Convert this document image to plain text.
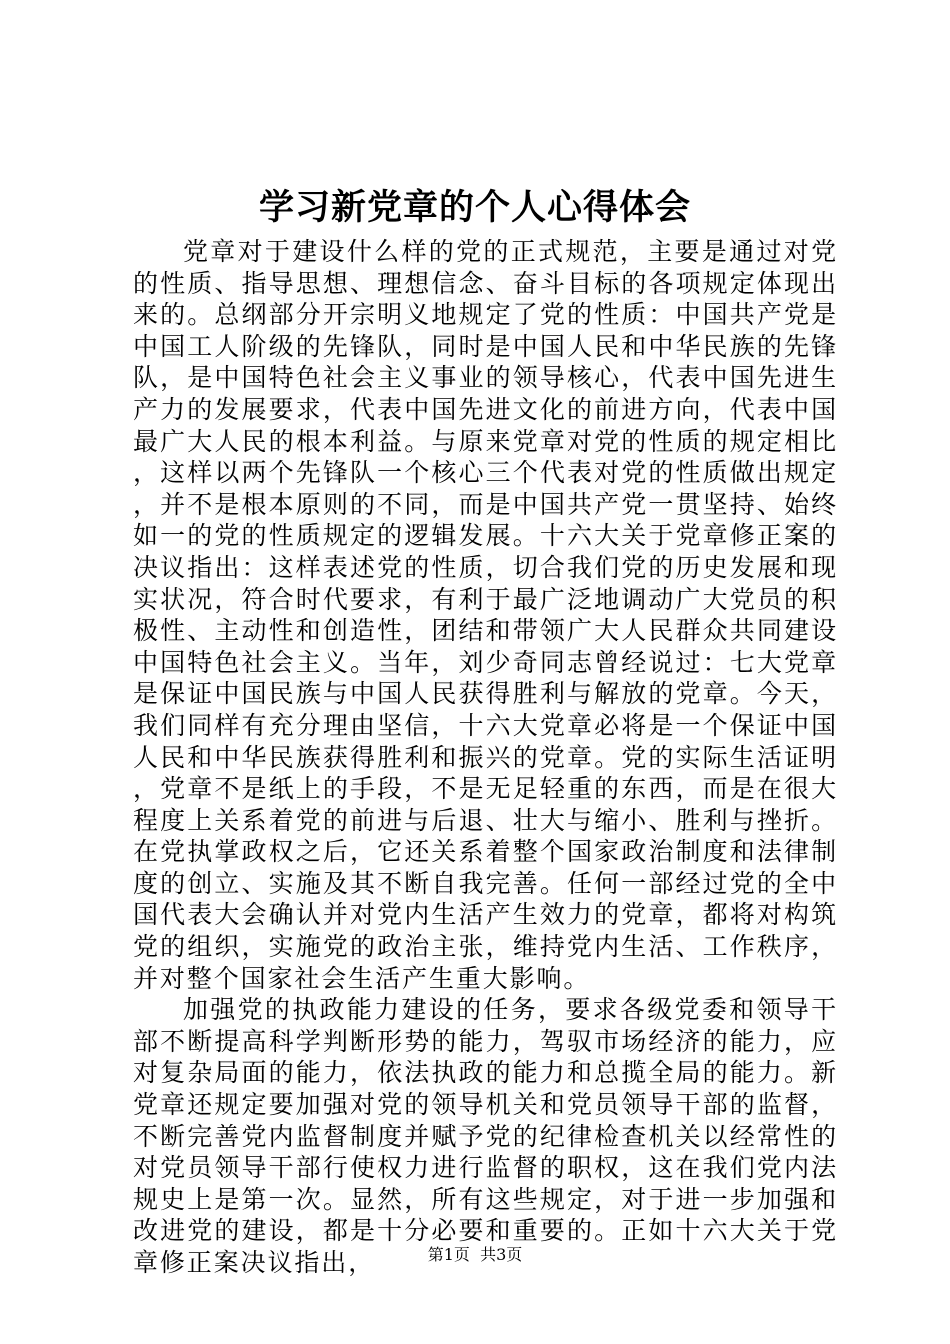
学习新党章的个人心得体会

党章对于建设什么样的党的正式规范，主要是通过对党的性质、指导思想、理想信念、奋斗目标的各项规定体现出来的。总纲部分开宗明义地规定了党的性质：中国共产党是中国工人阶级的先锋队，同时是中国人民和中华民族的先锋队，是中国特色社会主义事业的领导核心，代表中国先进生产力的发展要求，代表中国先进文化的前进方向，代表中国最广大人民的根本利益。与原来党章对党的性质的规定相比，这样以两个先锋队一个核心三个代表对党的性质做出规定，并不是根本原则的不同，而是中国共产党一贯坚持、始终如一的党的性质规定的逻辑发展。十六大关于党章修正案的决议指出：这样表述党的性质，切合我们党的历史发展和现实状况，符合时代要求，有利于最广泛地调动广大党员的积极性、主动性和创造性，团结和带领广大人民群众共同建设中国特色社会主义。当年，刘少奇同志曾经说过：七大党章是保证中国民族与中国人民获得胜利与解放的党章。今天，我们同样有充分理由坚信，十六大党章必将是一个保证中国人民和中华民族获得胜利和振兴的党章。党的实际生活证明，党章不是纸上的手段，不是无足轻重的东西，而是在很大程度上关系着党的前进与后退、壮大与缩小、胜利与挫折。在党执掌政权之后，它还关系着整个国家政治制度和法律制度的创立、实施及其不断自我完善。任何一部经过党的全中国代表大会确认并对党内生活产生效力的党章，都将对构筑党的组织，实施党的政治主张，维持党内生活、工作秩序，并对整个国家社会生活产生重大影响。

加强党的执政能力建设的任务，要求各级党委和领导干部不断提高科学判断形势的能力，驾驭市场经济的能力，应对复杂局面的能力，依法执政的能力和总揽全局的能力。新党章还规定要加强对党的领导机关和党员领导干部的监督，不断完善党内监督制度并赋予党的纪律检查机关以经常性的对党员领导干部行使权力进行监督的职权，这在我们党内法规史上是第一次。显然，所有这些规定，对于进一步加强和改进党的建设，都是十分必要和重要的。正如十六大关于党章修正案决议指出，	第1页  共3页
